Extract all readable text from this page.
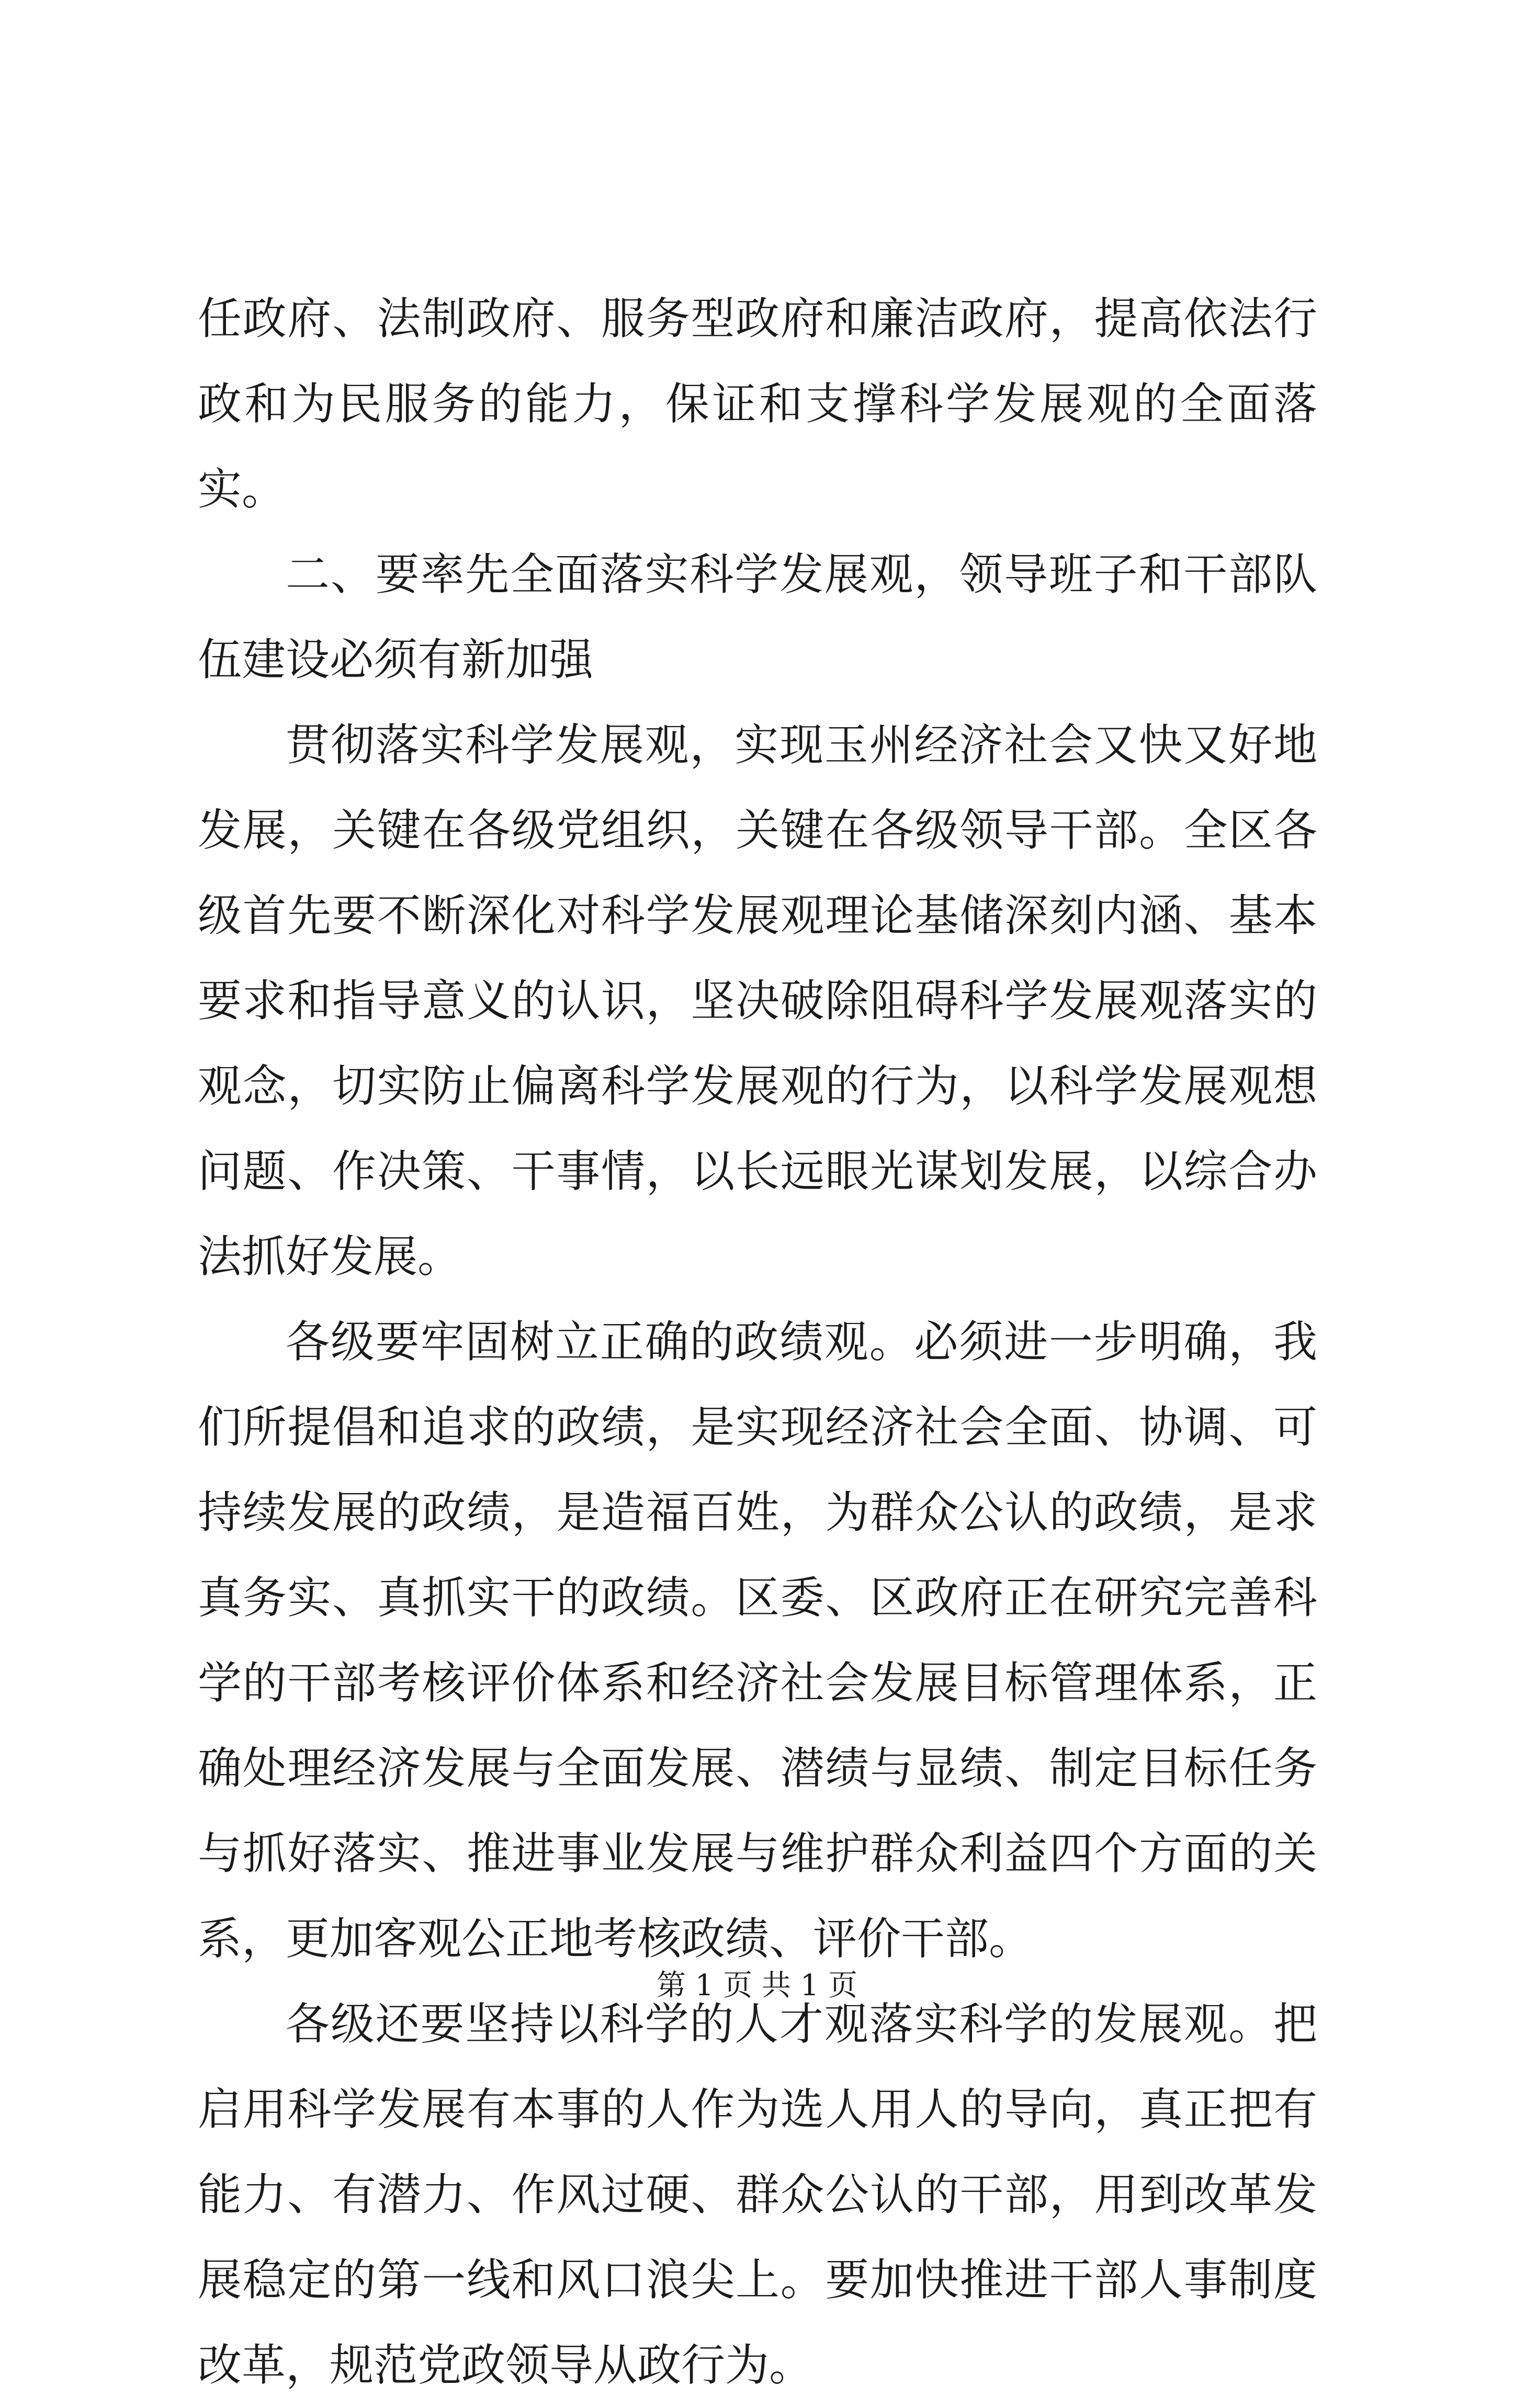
任政府、法制政府、服务型政府和廉洁政府，提高依法行政和为民服务的能力，保证和支撑科学发展观的全面落实。

二、要率先全面落实科学发展观，领导班子和干部队伍建设必须有新加强

贯彻落实科学发展观，实现玉州经济社会又快又好地发展，关键在各级党组织，关键在各级领导干部。全区各级首先要不断深化对科学发展观理论基储深刻内涵、基本要求和指导意义的认识，坚决破除阻碍科学发展观落实的观念，切实防止偏离科学发展观的行为，以科学发展观想问题、作决策、干事情，以长远眼光谋划发展，以综合办法抓好发展。

各级要牢固树立正确的政绩观。必须进一步明确，我们所提倡和追求的政绩，是实现经济社会全面、协调、可持续发展的政绩，是造福百姓，为群众公认的政绩，是求真务实、真抓实干的政绩。区委、区政府正在研究完善科学的干部考核评价体系和经济社会发展目标管理体系，正确处理经济发展与全面发展、潜绩与显绩、制定目标任务与抓好落实、推进事业发展与维护群众利益四个方面的关系，更加客观公正地考核政绩、评价干部。

各级还要坚持以科学的人才观落实科学的发展观。把启用科学发展有本事的人作为选人用人的导向，真正把有能力、有潜力、作风过硬、群众公认的干部，用到改革发展稳定的第一线和风口浪尖上。要加快推进干部人事制度改革，规范党政领导从政行为。

第 1 页 共 1 页
